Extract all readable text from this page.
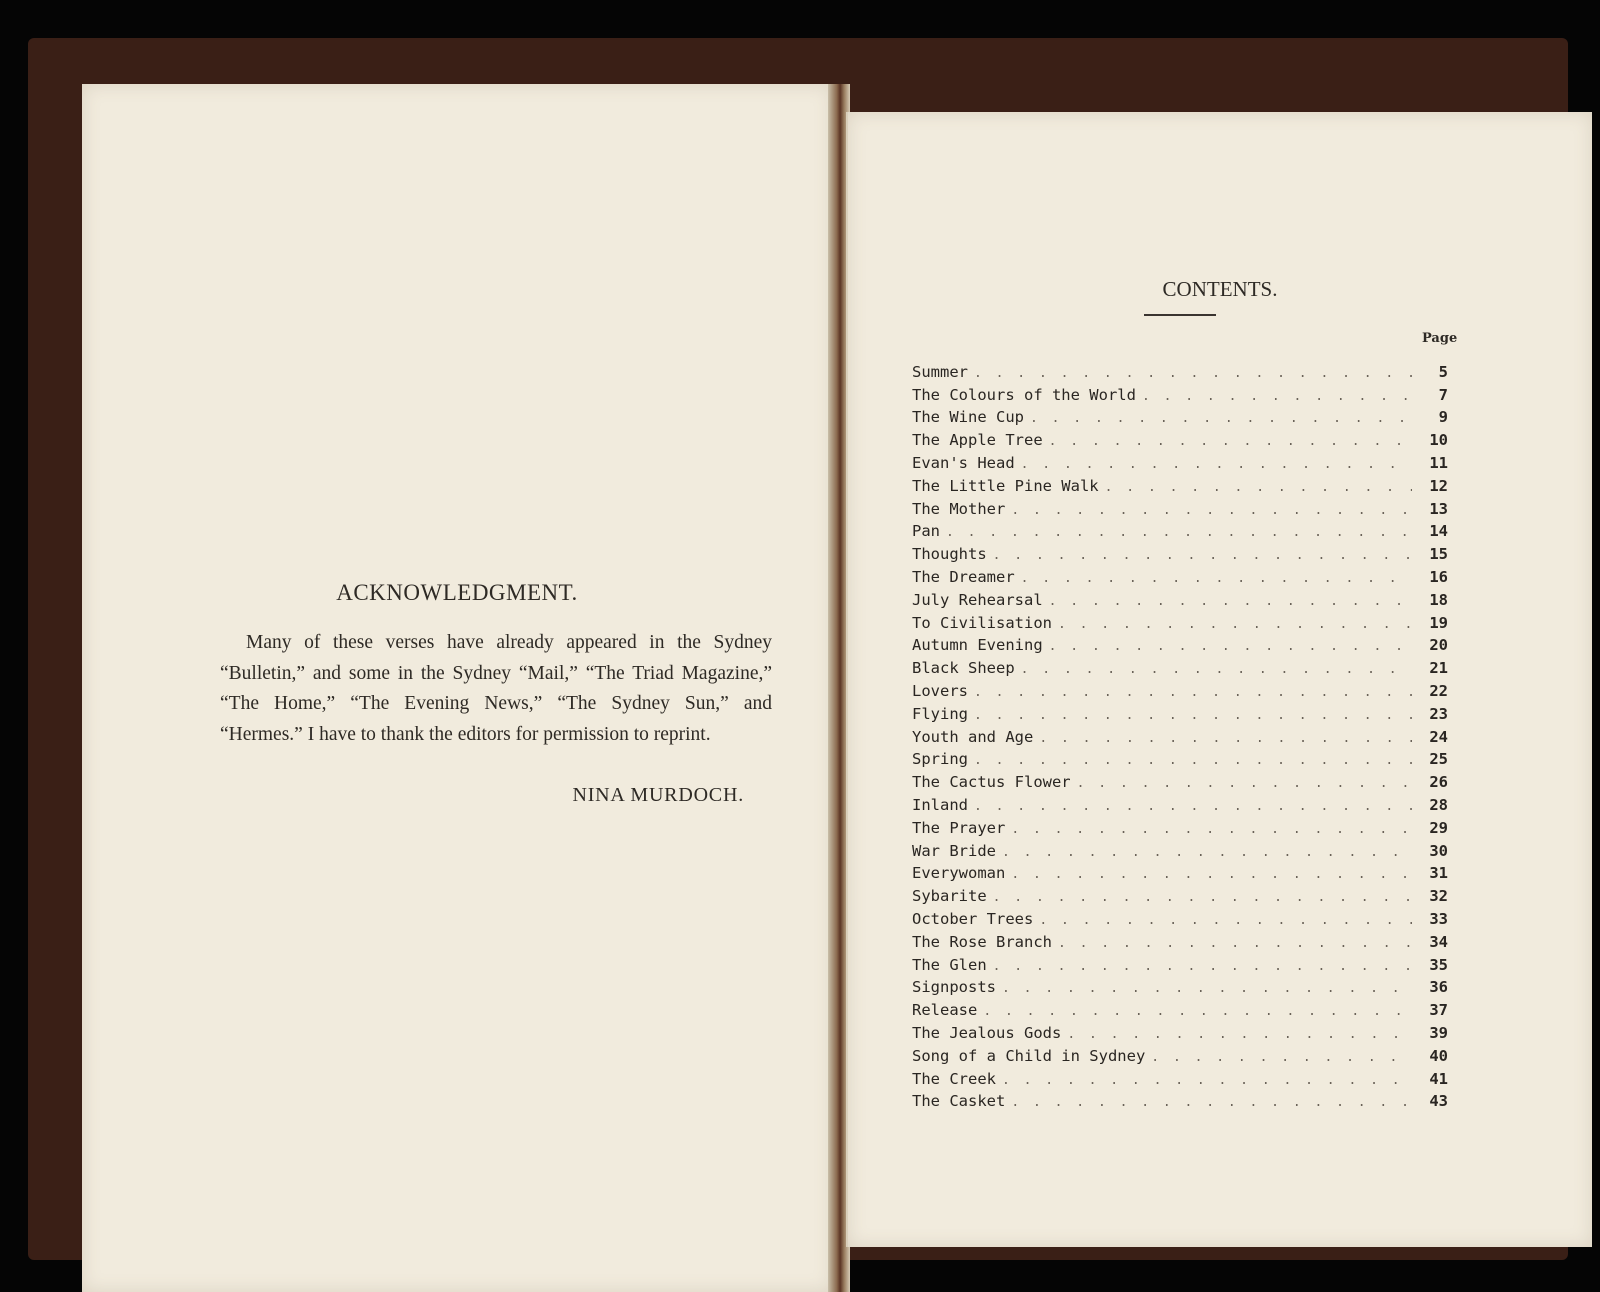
ACKNOWLEDGMENT.
Many of these verses have already appeared in the Sydney “Bulletin,” and some in the Sydney “Mail,” “The Triad Magazine,” “The Home,” “The Evening News,” “The Sydney Sun,” and “Hermes.” I have to thank the editors for permission to reprint.
NINA MURDOCH.
CONTENTS.
Page
Summer . . .	5
The Colours of the World . . .	7
The Wine Cup . . .	9
The Apple Tree . . .	10
Evan's Head . . .	11
The Little Pine Walk . . .	12
The Mother . . .	13
Pan . . .	14
Thoughts . . .	15
The Dreamer . . .	16
July Rehearsal . . .	18
To Civilisation . . .	19
Autumn Evening . . .	20
Black Sheep . . .	21
Lovers . . .	22
Flying . . .	23
Youth and Age . . .	24
Spring . . .	25
The Cactus Flower . . .	26
Inland . . .	28
The Prayer . . .	29
War Bride . . .	30
Everywoman . . .	31
Sybarite . . .	32
October Trees . . .	33
The Rose Branch . . .	34
The Glen . . .	35
Signposts . . .	36
Release . . .	37
The Jealous Gods . . .	39
Song of a Child in Sydney . . .	40
The Creek . . .	41
The Casket . . .	43
